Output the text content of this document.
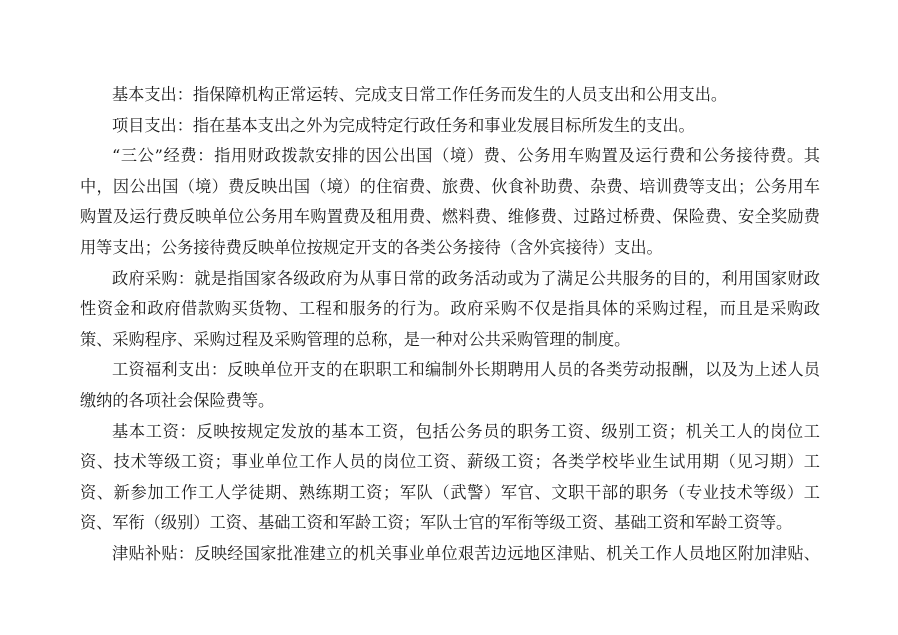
基本支出：指保障机构正常运转、完成支日常工作任务而发生的人员支出和公用支出。

项目支出：指在基本支出之外为完成特定行政任务和事业发展目标所发生的支出。

“三公”经费：指用财政拨款安排的因公出国（境）费、公务用车购置及运行费和公务接待费。其中，因公出国（境）费反映出国（境）的住宿费、旅费、伙食补助费、杂费、培训费等支出；公务用车购置及运行费反映单位公务用车购置费及租用费、燃料费、维修费、过路过桥费、保险费、安全奖励费用等支出；公务接待费反映单位按规定开支的各类公务接待（含外宾接待）支出。

政府采购：就是指国家各级政府为从事日常的政务活动或为了满足公共服务的目的，利用国家财政性资金和政府借款购买货物、工程和服务的行为。政府采购不仅是指具体的采购过程，而且是采购政策、采购程序、采购过程及采购管理的总称，是一种对公共采购管理的制度。

工资福利支出：反映单位开支的在职职工和编制外长期聘用人员的各类劳动报酬，以及为上述人员缴纳的各项社会保险费等。

基本工资：反映按规定发放的基本工资，包括公务员的职务工资、级别工资；机关工人的岗位工资、技术等级工资；事业单位工作人员的岗位工资、薪级工资；各类学校毕业生试用期（见习期）工资、新参加工作工人学徒期、熟练期工资；军队（武警）军官、文职干部的职务（专业技术等级）工资、军衔（级别）工资、基础工资和军龄工资；军队士官的军衔等级工资、基础工资和军龄工资等。

津贴补贴：反映经国家批准建立的机关事业单位艰苦边远地区津贴、机关工作人员地区附加津贴、
